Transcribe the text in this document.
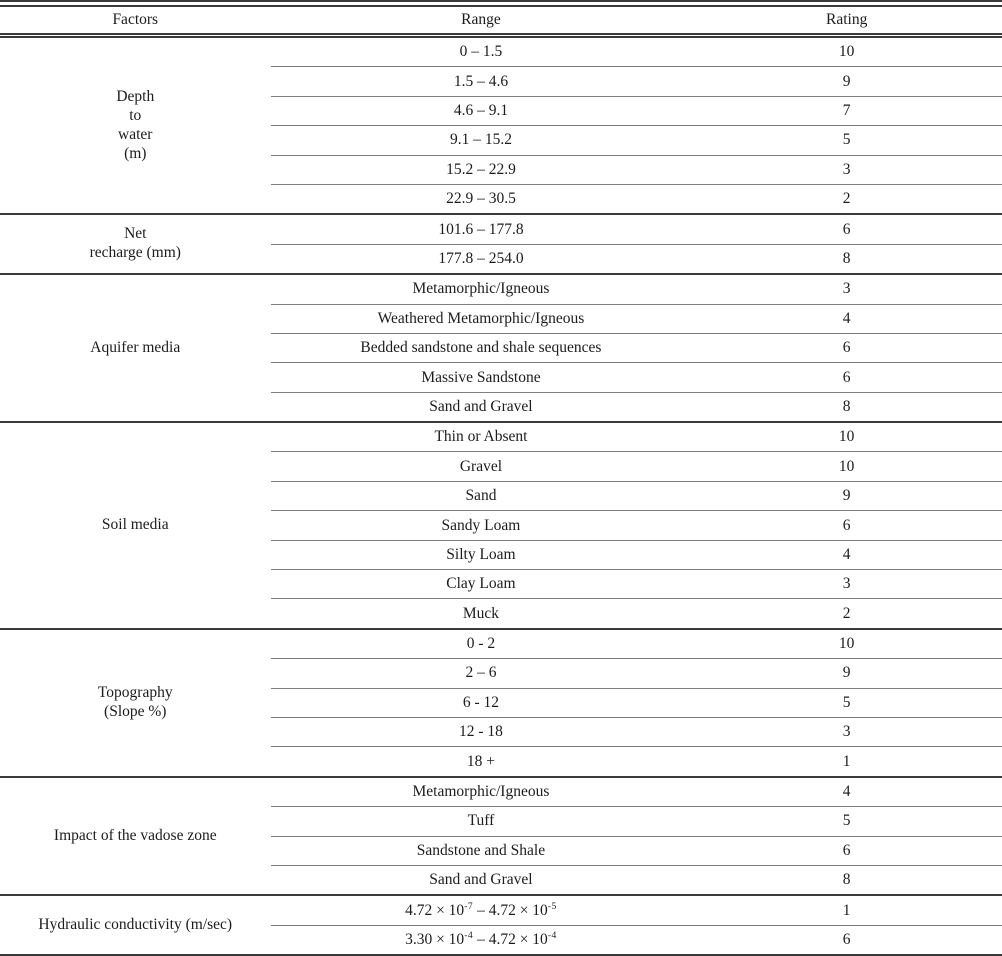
Factors	Range	Rating

Depth
to
water
(m)	0 – 1.5	10
	1.5 – 4.6	9
	4.6 – 9.1	7
	9.1 – 15.2	5
	15.2 – 22.9	3
	22.9 – 30.5	2

Net
recharge (mm)	101.6 – 177.8	6
	177.8 – 254.0	8

Aquifer media	Metamorphic/Igneous	3
	Weathered Metamorphic/Igneous	4
	Bedded sandstone and shale sequences	6
	Massive Sandstone	6
	Sand and Gravel	8

Soil media	Thin or Absent	10
	Gravel	10
	Sand	9
	Sandy Loam	6
	Silty Loam	4
	Clay Loam	3
	Muck	2

Topography
(Slope %)	0 - 2	10
	2 – 6	9
	6 - 12	5
	12 - 18	3
	18 +	1

Impact of the vadose zone	Metamorphic/Igneous	4
	Tuff	5
	Sandstone and Shale	6
	Sand and Gravel	8

Hydraulic conductivity (m/sec)	$4.72 \times 10^{-7} - 4.72 \times 10^{-5}$	1
	$3.30 \times 10^{-4} - 4.72 \times 10^{-4}$	6
